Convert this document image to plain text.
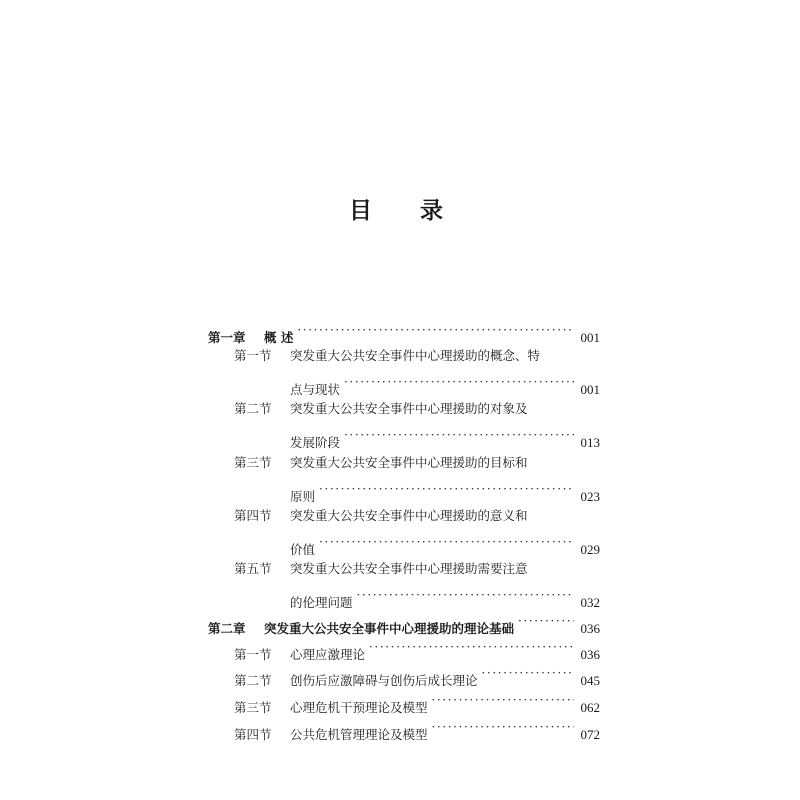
目 录
第一章	概 述 ·····	001
第一节	突发重大公共安全事件中心理援助的概念、特
点与现状 ·····	001
第二节	突发重大公共安全事件中心理援助的对象及
发展阶段 ·····	013
第三节	突发重大公共安全事件中心理援助的目标和
原则 ·····	023
第四节	突发重大公共安全事件中心理援助的意义和
价值 ·····	029
第五节	突发重大公共安全事件中心理援助需要注意
的伦理问题 ·····	032
第二章	突发重大公共安全事件中心理援助的理论基础 ·····	036
第一节	心理应激理论 ·····	036
第二节	创伤后应激障碍与创伤后成长理论 ·····	045
第三节	心理危机干预理论及模型 ·····	062
第四节	公共危机管理理论及模型 ·····	072
